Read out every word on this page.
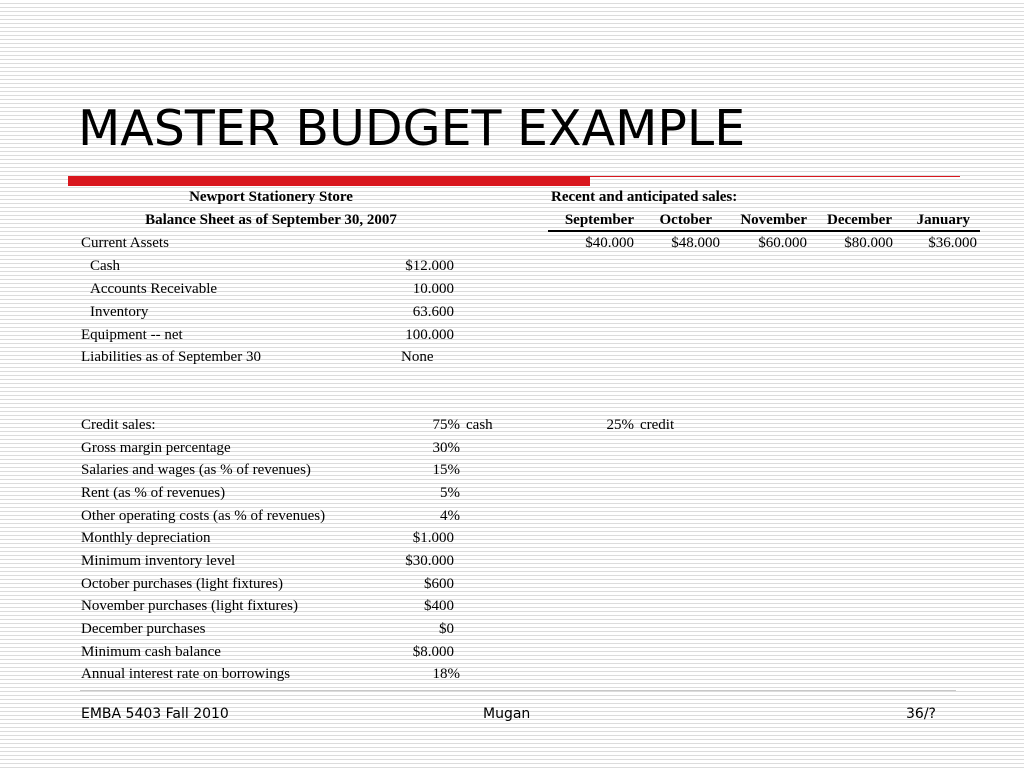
MASTER BUDGET EXAMPLE
Newport Stationery Store
Balance Sheet as of September 30, 2007
Current Assets
Cash	$12.000
Accounts Receivable	10.000
Inventory	63.600
Equipment -- net	100.000
Liabilities as of September 30	None
Recent and anticipated sales:
September	October	November	December	January
$40.000	$48.000	$60.000	$80.000	$36.000
Credit sales:	75% cash	25% credit
Gross margin percentage	30%
Salaries and wages (as % of revenues)	15%
Rent (as % of revenues)	5%
Other operating costs (as % of revenues)	4%
Monthly depreciation	$1.000
Minimum inventory level	$30.000
October purchases (light fixtures)	$600
November purchases (light fixtures)	$400
December purchases	$0
Minimum cash balance	$8.000
Annual interest rate on borrowings	18%
EMBA 5403 Fall 2010	Mugan	36/?
